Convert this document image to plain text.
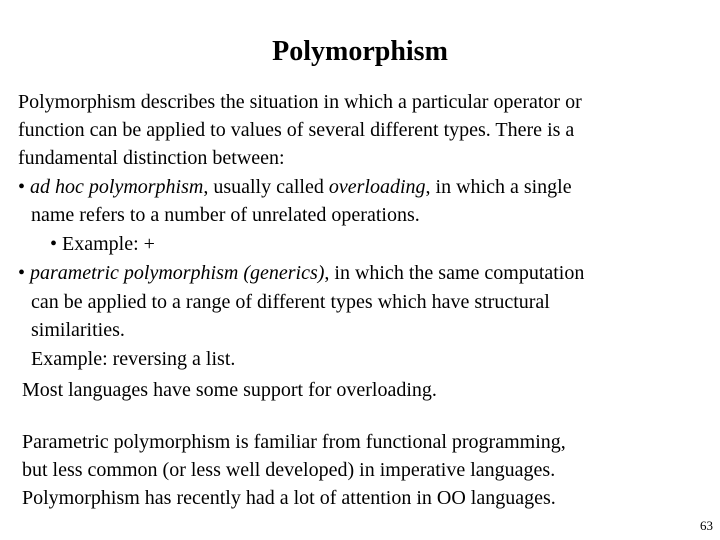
Polymorphism
Polymorphism describes the situation in which a particular operator or
function can be applied to values of several different types. There is a
fundamental distinction between:
• ad hoc polymorphism, usually called overloading, in which a single
name refers to a number of unrelated operations.
• Example: +
• parametric polymorphism (generics), in which the same computation
can be applied to a range of different types which have structural
similarities.
Example: reversing a list.
Most languages have some support for overloading.
Parametric polymorphism is familiar from functional programming,
but less common (or less well developed) in imperative languages.
Polymorphism has recently had a lot of attention in OO languages.
63
